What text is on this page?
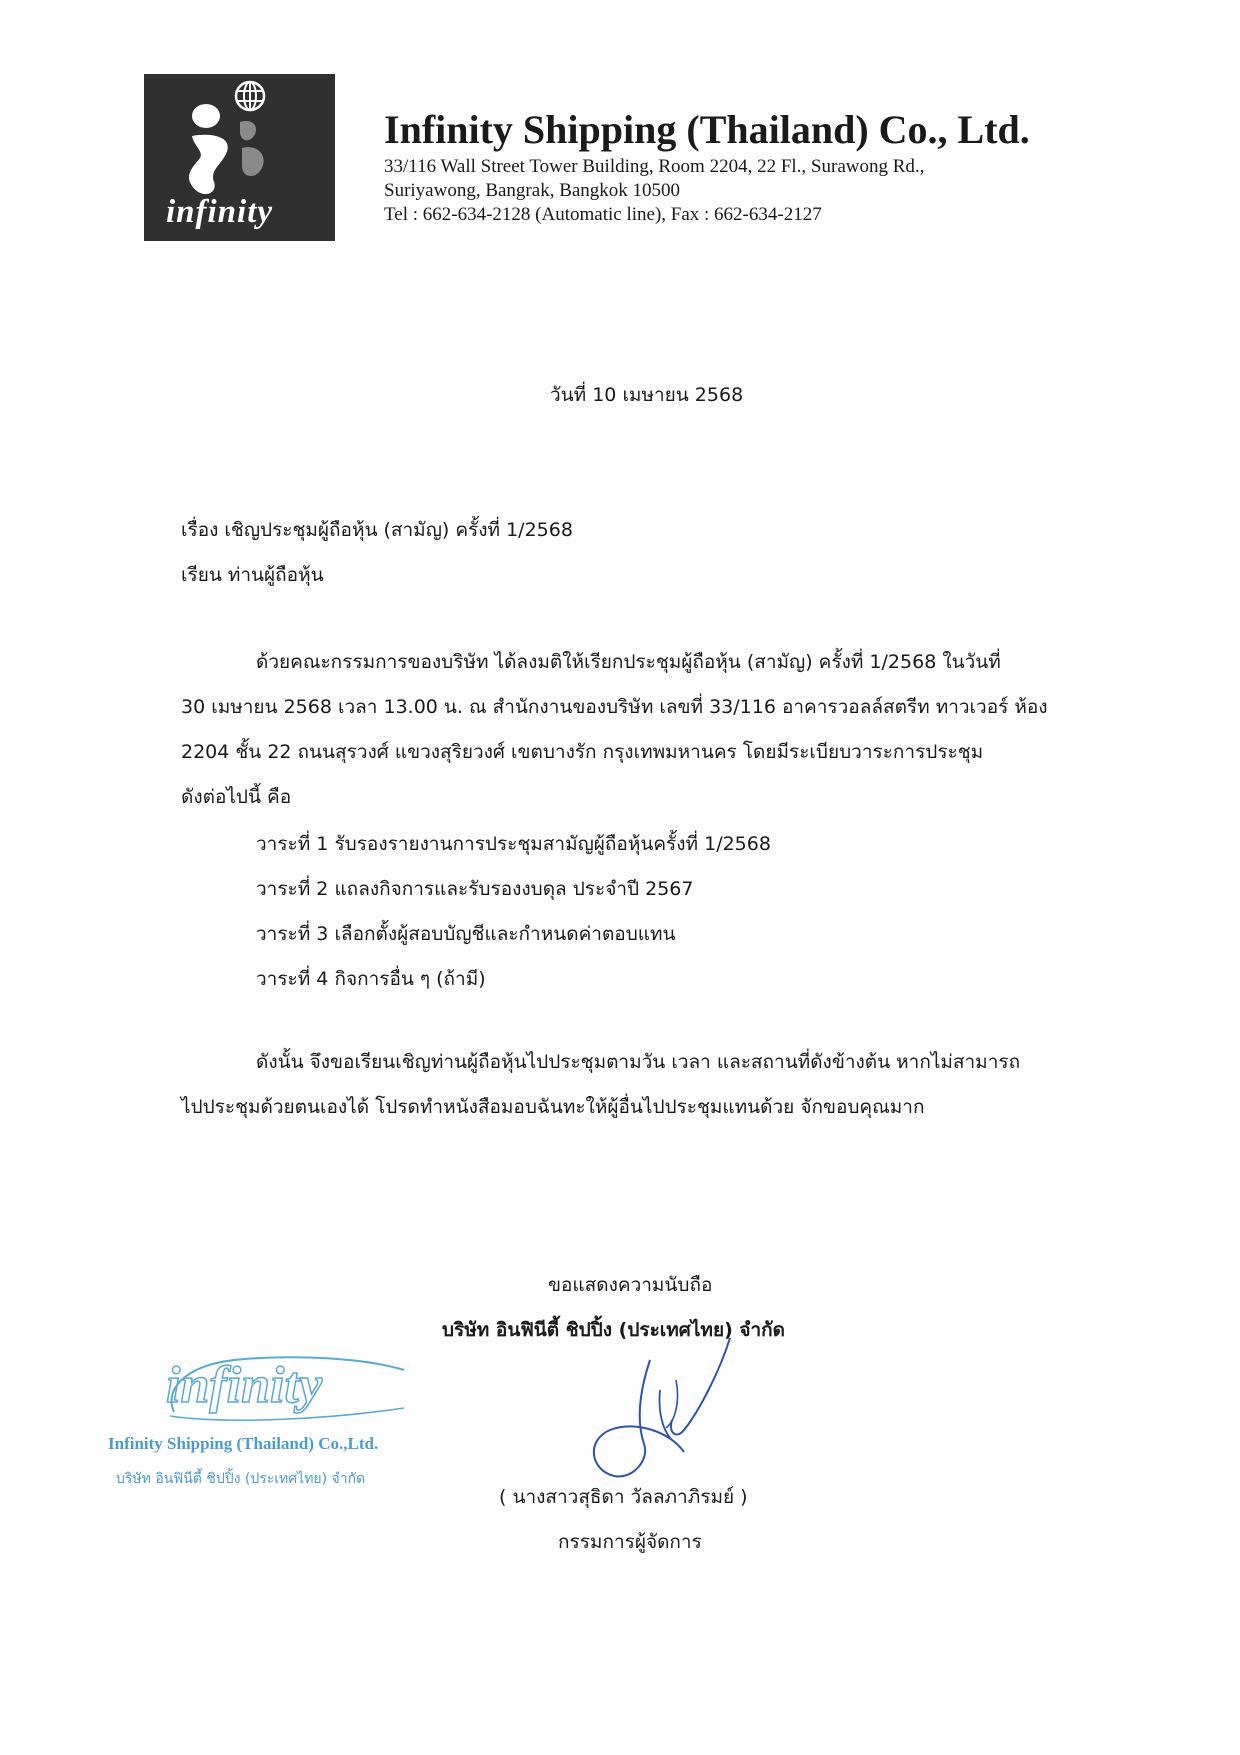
infinity
Infinity Shipping (Thailand) Co., Ltd.
33/116 Wall Street Tower Building, Room 2204, 22 Fl., Surawong Rd.,
Suriyawong, Bangrak, Bangkok 10500
Tel : 662-634-2128 (Automatic line), Fax : 662-634-2127
วันที่ 10 เมษายน 2568
เรื่อง เชิญประชุมผู้ถือหุ้น (สามัญ) ครั้งที่ 1/2568
เรียน ท่านผู้ถือหุ้น
ด้วยคณะกรรมการของบริษัท ได้ลงมติให้เรียกประชุมผู้ถือหุ้น (สามัญ) ครั้งที่ 1/2568 ในวันที่
30 เมษายน 2568 เวลา 13.00 น. ณ สำนักงานของบริษัท เลขที่ 33/116 อาคารวอลล์สตรีท ทาวเวอร์ ห้อง
2204 ชั้น 22 ถนนสุรวงศ์ แขวงสุริยวงศ์ เขตบางรัก กรุงเทพมหานคร โดยมีระเบียบวาระการประชุม
ดังต่อไปนี้ คือ
วาระที่ 1 รับรองรายงานการประชุมสามัญผู้ถือหุ้นครั้งที่ 1/2568
วาระที่ 2 แถลงกิจการและรับรองงบดุล ประจำปี 2567
วาระที่ 3 เลือกตั้งผู้สอบบัญชีและกำหนดค่าตอบแทน
วาระที่ 4 กิจการอื่น ๆ (ถ้ามี)
ดังนั้น จึงขอเรียนเชิญท่านผู้ถือหุ้นไปประชุมตามวัน เวลา และสถานที่ดังข้างต้น หากไม่สามารถ
ไปประชุมด้วยตนเองได้ โปรดทำหนังสือมอบฉันทะให้ผู้อื่นไปประชุมแทนด้วย จักขอบคุณมาก
ขอแสดงความนับถือ
บริษัท อินฟินีตี้ ชิปปิ้ง (ประเทศไทย) จำกัด
infinity
Infinity Shipping (Thailand) Co.,Ltd.
บริษัท อินฟินีตี้ ชิปปิ้ง (ประเทศไทย) จำกัด
( นางสาวสุธิดา วัลลภาภิรมย์ )
กรรมการผู้จัดการ
